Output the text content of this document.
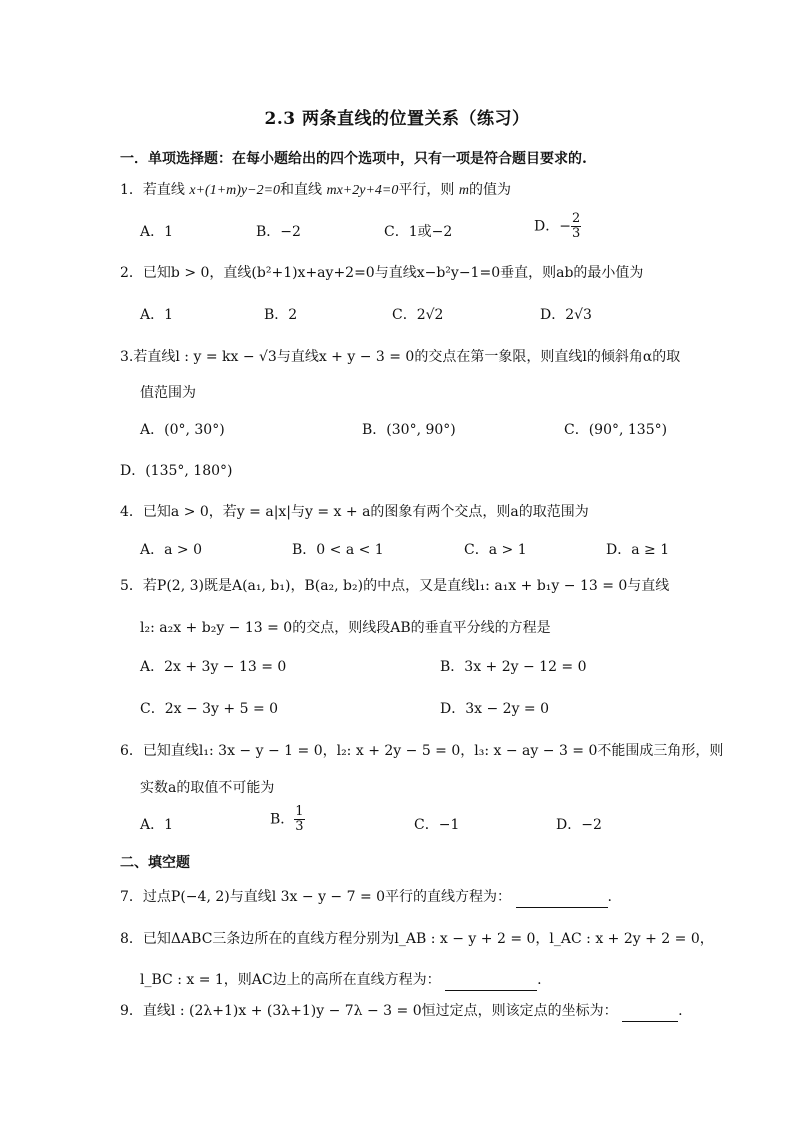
2.3 两条直线的位置关系（练习）
一．单项选择题：在每小题给出的四个选项中，只有一项是符合题目要求的.
1．若直线 x+(1+m)y−2=0和直线 mx+2y+4=0平行，则 m的值为
A．1	B．−2	C．1或−2	D．− $\frac{2}{3}$
2．已知b > 0，直线(b²+1)x+ay+2=0与直线x−b²y−1=0垂直，则ab的最小值为
A．1	B．2	C．2√2	D．2√3
3.若直线l : y = kx − √3与直线x + y − 3 = 0的交点在第一象限，则直线l的倾斜角α的取
值范围为
A．(0°, 30°)	B．(30°, 90°)	C．(90°, 135°)
D．(135°, 180°)
4．已知a > 0，若y = a|x|与y = x + a的图象有两个交点，则a的取范围为
A．a > 0	B．0 < a < 1	C．a > 1	D．a ≥ 1
5．若P(2, 3)既是A(a₁, b₁)，B(a₂, b₂)的中点，又是直线l₁: a₁x + b₁y − 13 = 0与直线
l₂: a₂x + b₂y − 13 = 0的交点，则线段AB的垂直平分线的方程是
A．2x + 3y − 13 = 0	B．3x + 2y − 12 = 0
C．2x − 3y + 5 = 0	D．3x − 2y = 0
6．已知直线l₁: 3x − y − 1 = 0，l₂: x + 2y − 5 = 0，l₃: x − ay − 3 = 0不能围成三角形，则
实数a的取值不可能为
A．1	B． $\frac{1}{3}$	C．−1	D．−2
二、填空题
7．过点P(−4, 2)与直线l 3x − y − 7 = 0平行的直线方程为：	.
8．已知ΔABC三条边所在的直线方程分别为l_AB : x − y + 2 = 0，l_AC : x + 2y + 2 = 0，
l_BC : x = 1，则AC边上的高所在直线方程为：	.
9．直线l : (2λ+1)x + (3λ+1)y − 7λ − 3 = 0恒过定点，则该定点的坐标为：	.
